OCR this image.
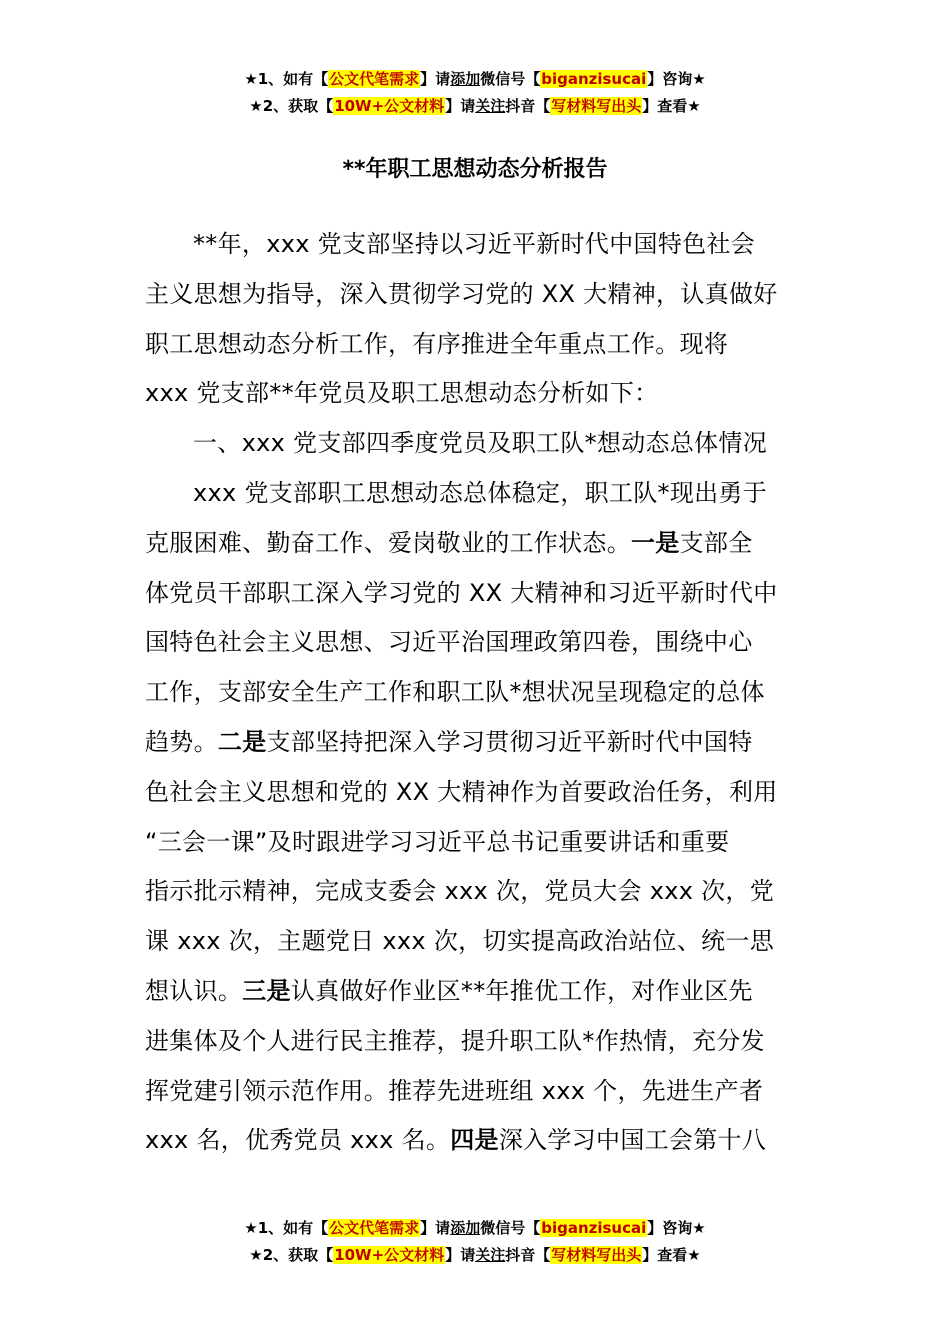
★1、如有【公文代笔需求】请添加微信号【biganzisucai】咨询★
★2、获取【10W+公文材料】请关注抖音【写材料写出头】查看★
**年职工思想动态分析报告
**年，xxx 党支部坚持以习近平新时代中国特色社会
主义思想为指导，深入贯彻学习党的 XX 大精神，认真做好
职工思想动态分析工作，有序推进全年重点工作。现将
xxx 党支部**年党员及职工思想动态分析如下：
一、xxx 党支部四季度党员及职工队*想动态总体情况
xxx 党支部职工思想动态总体稳定，职工队*现出勇于
克服困难、勤奋工作、爱岗敬业的工作状态。一是支部全
体党员干部职工深入学习党的 XX 大精神和习近平新时代中
国特色社会主义思想、习近平治国理政第四卷，围绕中心
工作，支部安全生产工作和职工队*想状况呈现稳定的总体
趋势。二是支部坚持把深入学习贯彻习近平新时代中国特
色社会主义思想和党的 XX 大精神作为首要政治任务，利用
“三会一课”及时跟进学习习近平总书记重要讲话和重要
指示批示精神，完成支委会 xxx 次，党员大会 xxx 次，党
课 xxx 次，主题党日 xxx 次，切实提高政治站位、统一思
想认识。三是认真做好作业区**年推优工作，对作业区先
进集体及个人进行民主推荐，提升职工队*作热情，充分发
挥党建引领示范作用。推荐先进班组 xxx 个，先进生产者
xxx 名，优秀党员 xxx 名。四是深入学习中国工会第十八
★1、如有【公文代笔需求】请添加微信号【biganzisucai】咨询★
★2、获取【10W+公文材料】请关注抖音【写材料写出头】查看★
